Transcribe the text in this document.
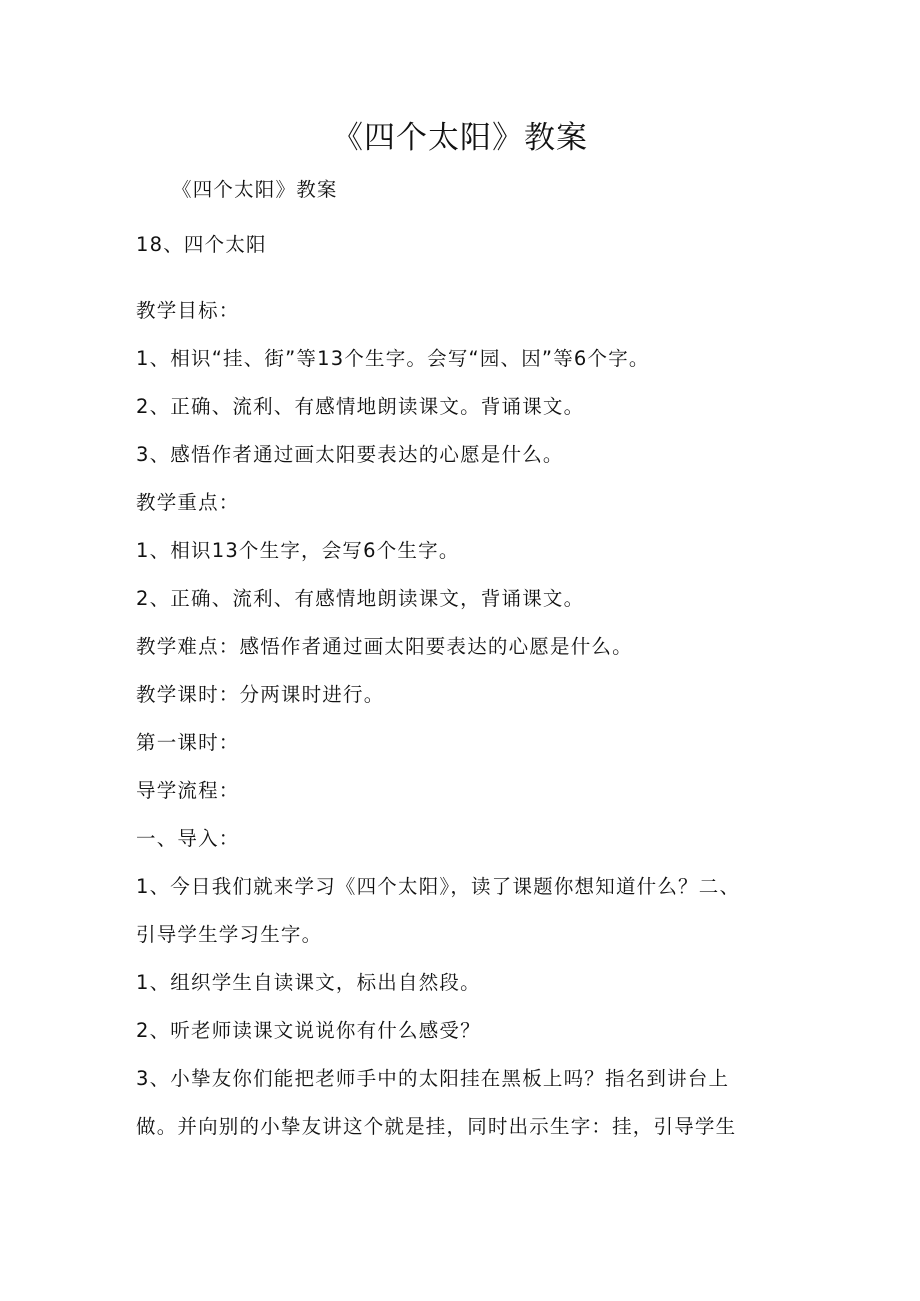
《四个太阳》教案
《四个太阳》教案
18、四个太阳
教学目标：
1、相识“挂、街”等13个生字。会写“园、因”等6个字。
2、正确、流利、有感情地朗读课文。背诵课文。
3、感悟作者通过画太阳要表达的心愿是什么。
教学重点：
1、相识13个生字，会写6个生字。
2、正确、流利、有感情地朗读课文，背诵课文。
教学难点：感悟作者通过画太阳要表达的心愿是什么。
教学课时：分两课时进行。
第一课时：
导学流程：
一、导入：
1、今日我们就来学习《四个太阳》，读了课题你想知道什么？二、
引导学生学习生字。
1、组织学生自读课文，标出自然段。
2、听老师读课文说说你有什么感受？
3、小挚友你们能把老师手中的太阳挂在黑板上吗？指名到讲台上
做。并向别的小挚友讲这个就是挂，同时出示生字：挂，引导学生
